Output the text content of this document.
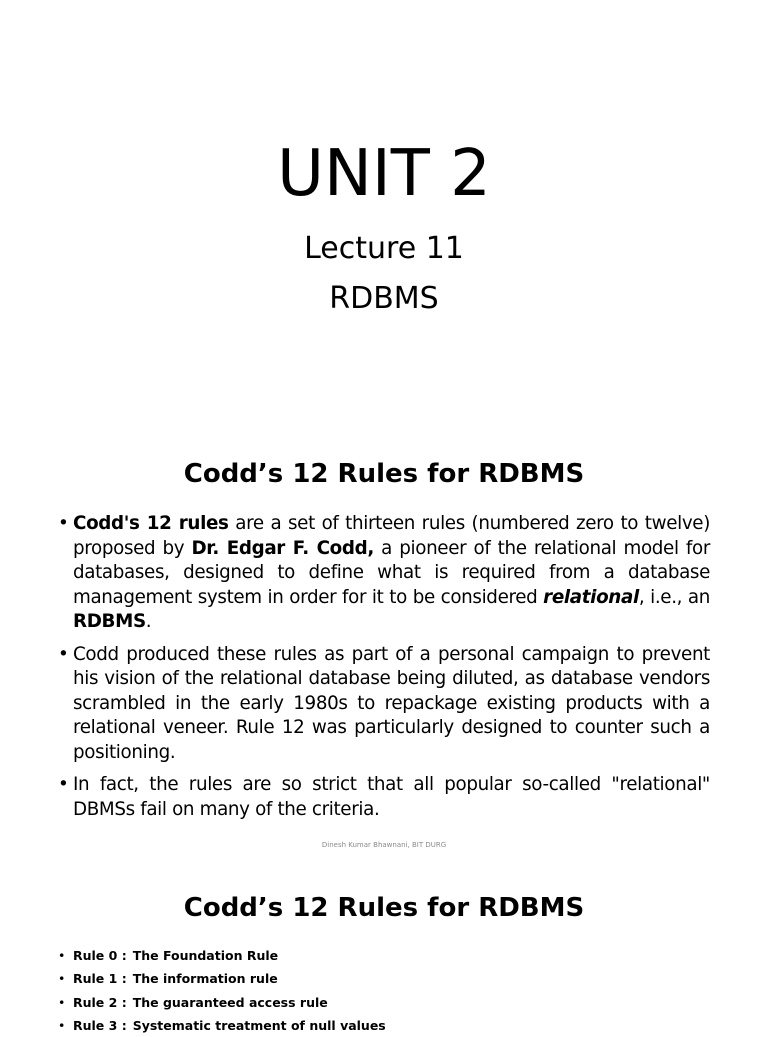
UNIT 2
Lecture 11
RDBMS
Codd’s 12 Rules for RDBMS
• Codd's 12 rules are a set of thirteen rules (numbered zero to twelve) proposed by Dr. Edgar F. Codd, a pioneer of the relational model for databases, designed to define what is required from a database management system in order for it to be considered relational, i.e., an RDBMS.
• Codd produced these rules as part of a personal campaign to prevent his vision of the relational database being diluted, as database vendors scrambled in the early 1980s to repackage existing products with a relational veneer. Rule 12 was particularly designed to counter such a positioning.
• In fact, the rules are so strict that all popular so-called "relational" DBMSs fail on many of the criteria.
Dinesh Kumar Bhawnani, BIT DURG
Codd’s 12 Rules for RDBMS
• Rule 0 : The Foundation Rule
• Rule 1 : The information rule
• Rule 2 : The guaranteed access rule
• Rule 3 : Systematic treatment of null values
